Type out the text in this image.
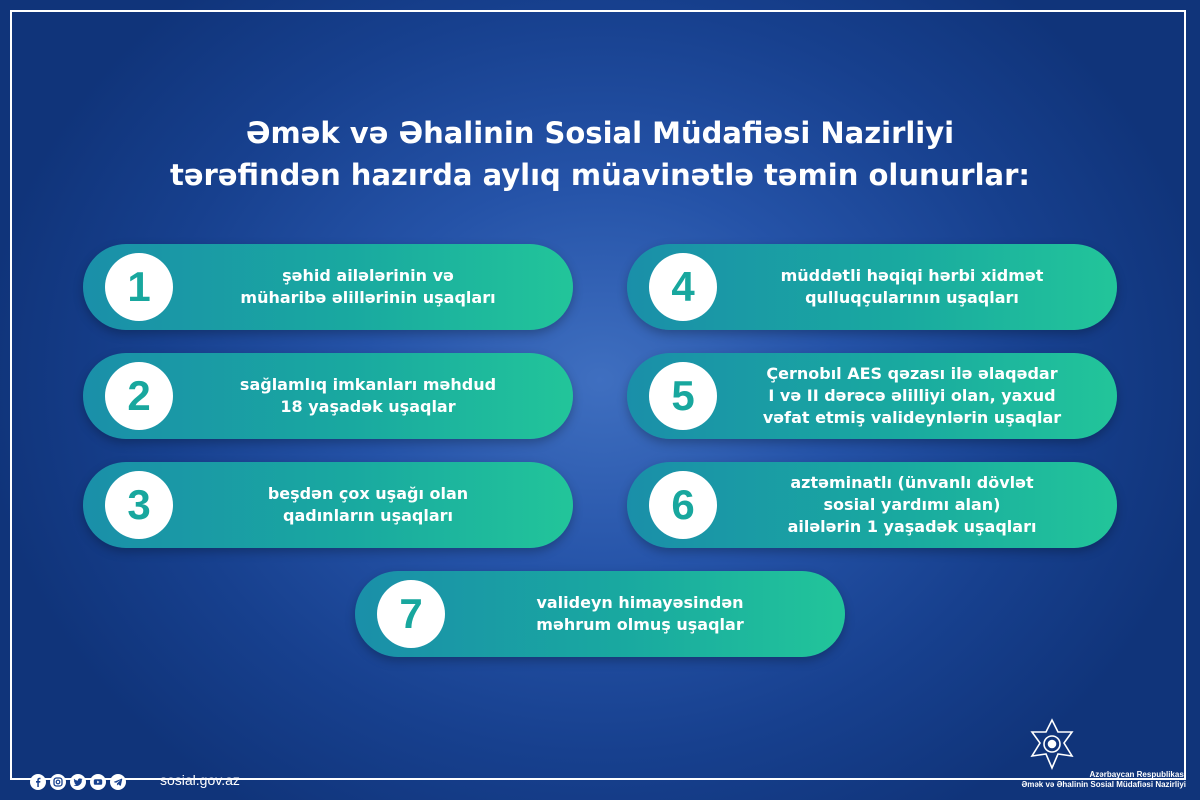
Əmək və Əhalinin Sosial Müdafiəsi Nazirliyi
tərəfindən hazırda aylıq müavinətlə təmin olunurlar:
1	şəhid ailələrinin və
müharibə əlillərinin uşaqları
2	sağlamlıq imkanları məhdud
18 yaşadək uşaqlar
3	beşdən çox uşağı olan
qadınların uşaqları
4	müddətli həqiqi hərbi xidmət
qulluqçularının uşaqları
5	Çernobıl AES qəzası ilə əlaqədar
I və II dərəcə əlilliyi olan, yaxud
vəfat etmiş valideynlərin uşaqlar
6	aztəminatlı (ünvanlı dövlət
sosial yardımı alan)
ailələrin 1 yaşadək uşaqları
7	valideyn himayəsindən
məhrum olmuş uşaqlar
sosial.gov.az	Azərbaycan Respublikası
Əmək və Əhalinin Sosial Müdafiəsi Nazirliyi
